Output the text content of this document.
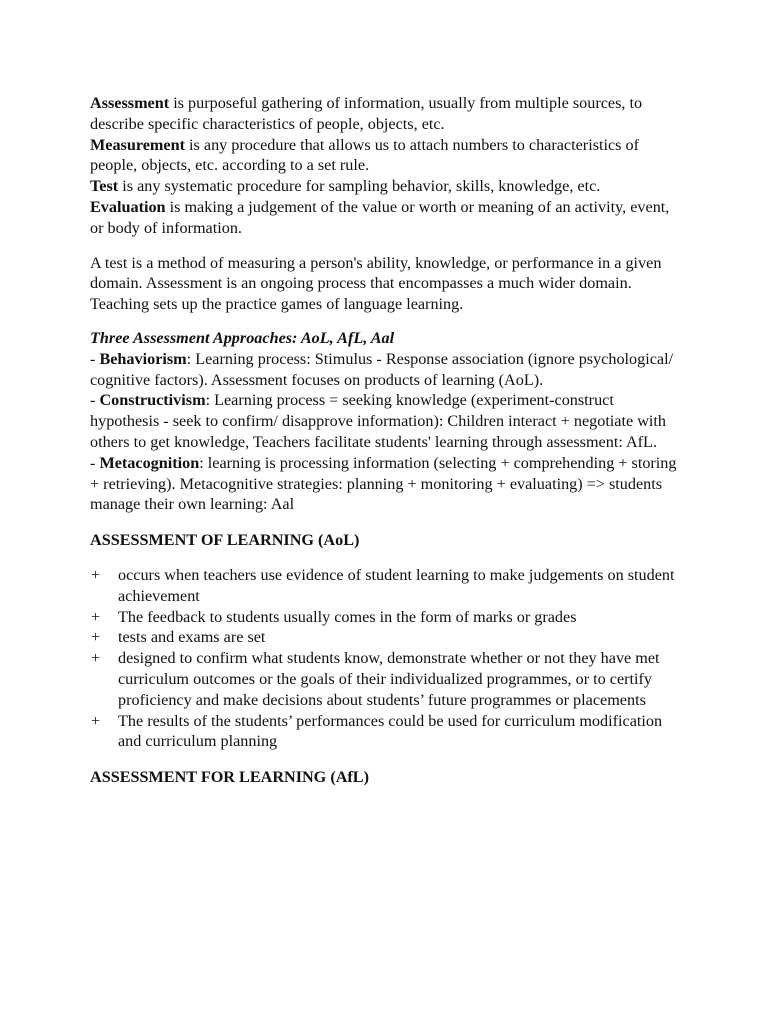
Assessment is purposeful gathering of information, usually from multiple sources, to describe specific characteristics of people, objects, etc.

Measurement is any procedure that allows us to attach numbers to characteristics of people, objects, etc. according to a set rule.

Test is any systematic procedure for sampling behavior, skills, knowledge, etc.

Evaluation is making a judgement of the value or worth or meaning of an activity, event, or body of information.

A test is a method of measuring a person's ability, knowledge, or performance in a given domain. Assessment is an ongoing process that encompasses a much wider domain. Teaching sets up the practice games of language learning.

Three Assessment Approaches: AoL, AfL, Aal

- Behaviorism: Learning process: Stimulus - Response association (ignore psychological/ cognitive factors). Assessment focuses on products of learning (AoL).

- Constructivism: Learning process = seeking knowledge (experiment-construct hypothesis - seek to confirm/ disapprove information): Children interact + negotiate with others to get knowledge, Teachers facilitate students' learning through assessment: AfL.

- Metacognition: learning is processing information (selecting + comprehending + storing + retrieving). Metacognitive strategies: planning + monitoring + evaluating) => students manage their own learning: Aal

ASSESSMENT OF LEARNING (AoL)

+ occurs when teachers use evidence of student learning to make judgements on student achievement
+ The feedback to students usually comes in the form of marks or grades
+ tests and exams are set
+ designed to confirm what students know, demonstrate whether or not they have met curriculum outcomes or the goals of their individualized programmes, or to certify proficiency and make decisions about students’ future programmes or placements
+ The results of the students’ performances could be used for curriculum modification and curriculum planning

ASSESSMENT FOR LEARNING (AfL)
